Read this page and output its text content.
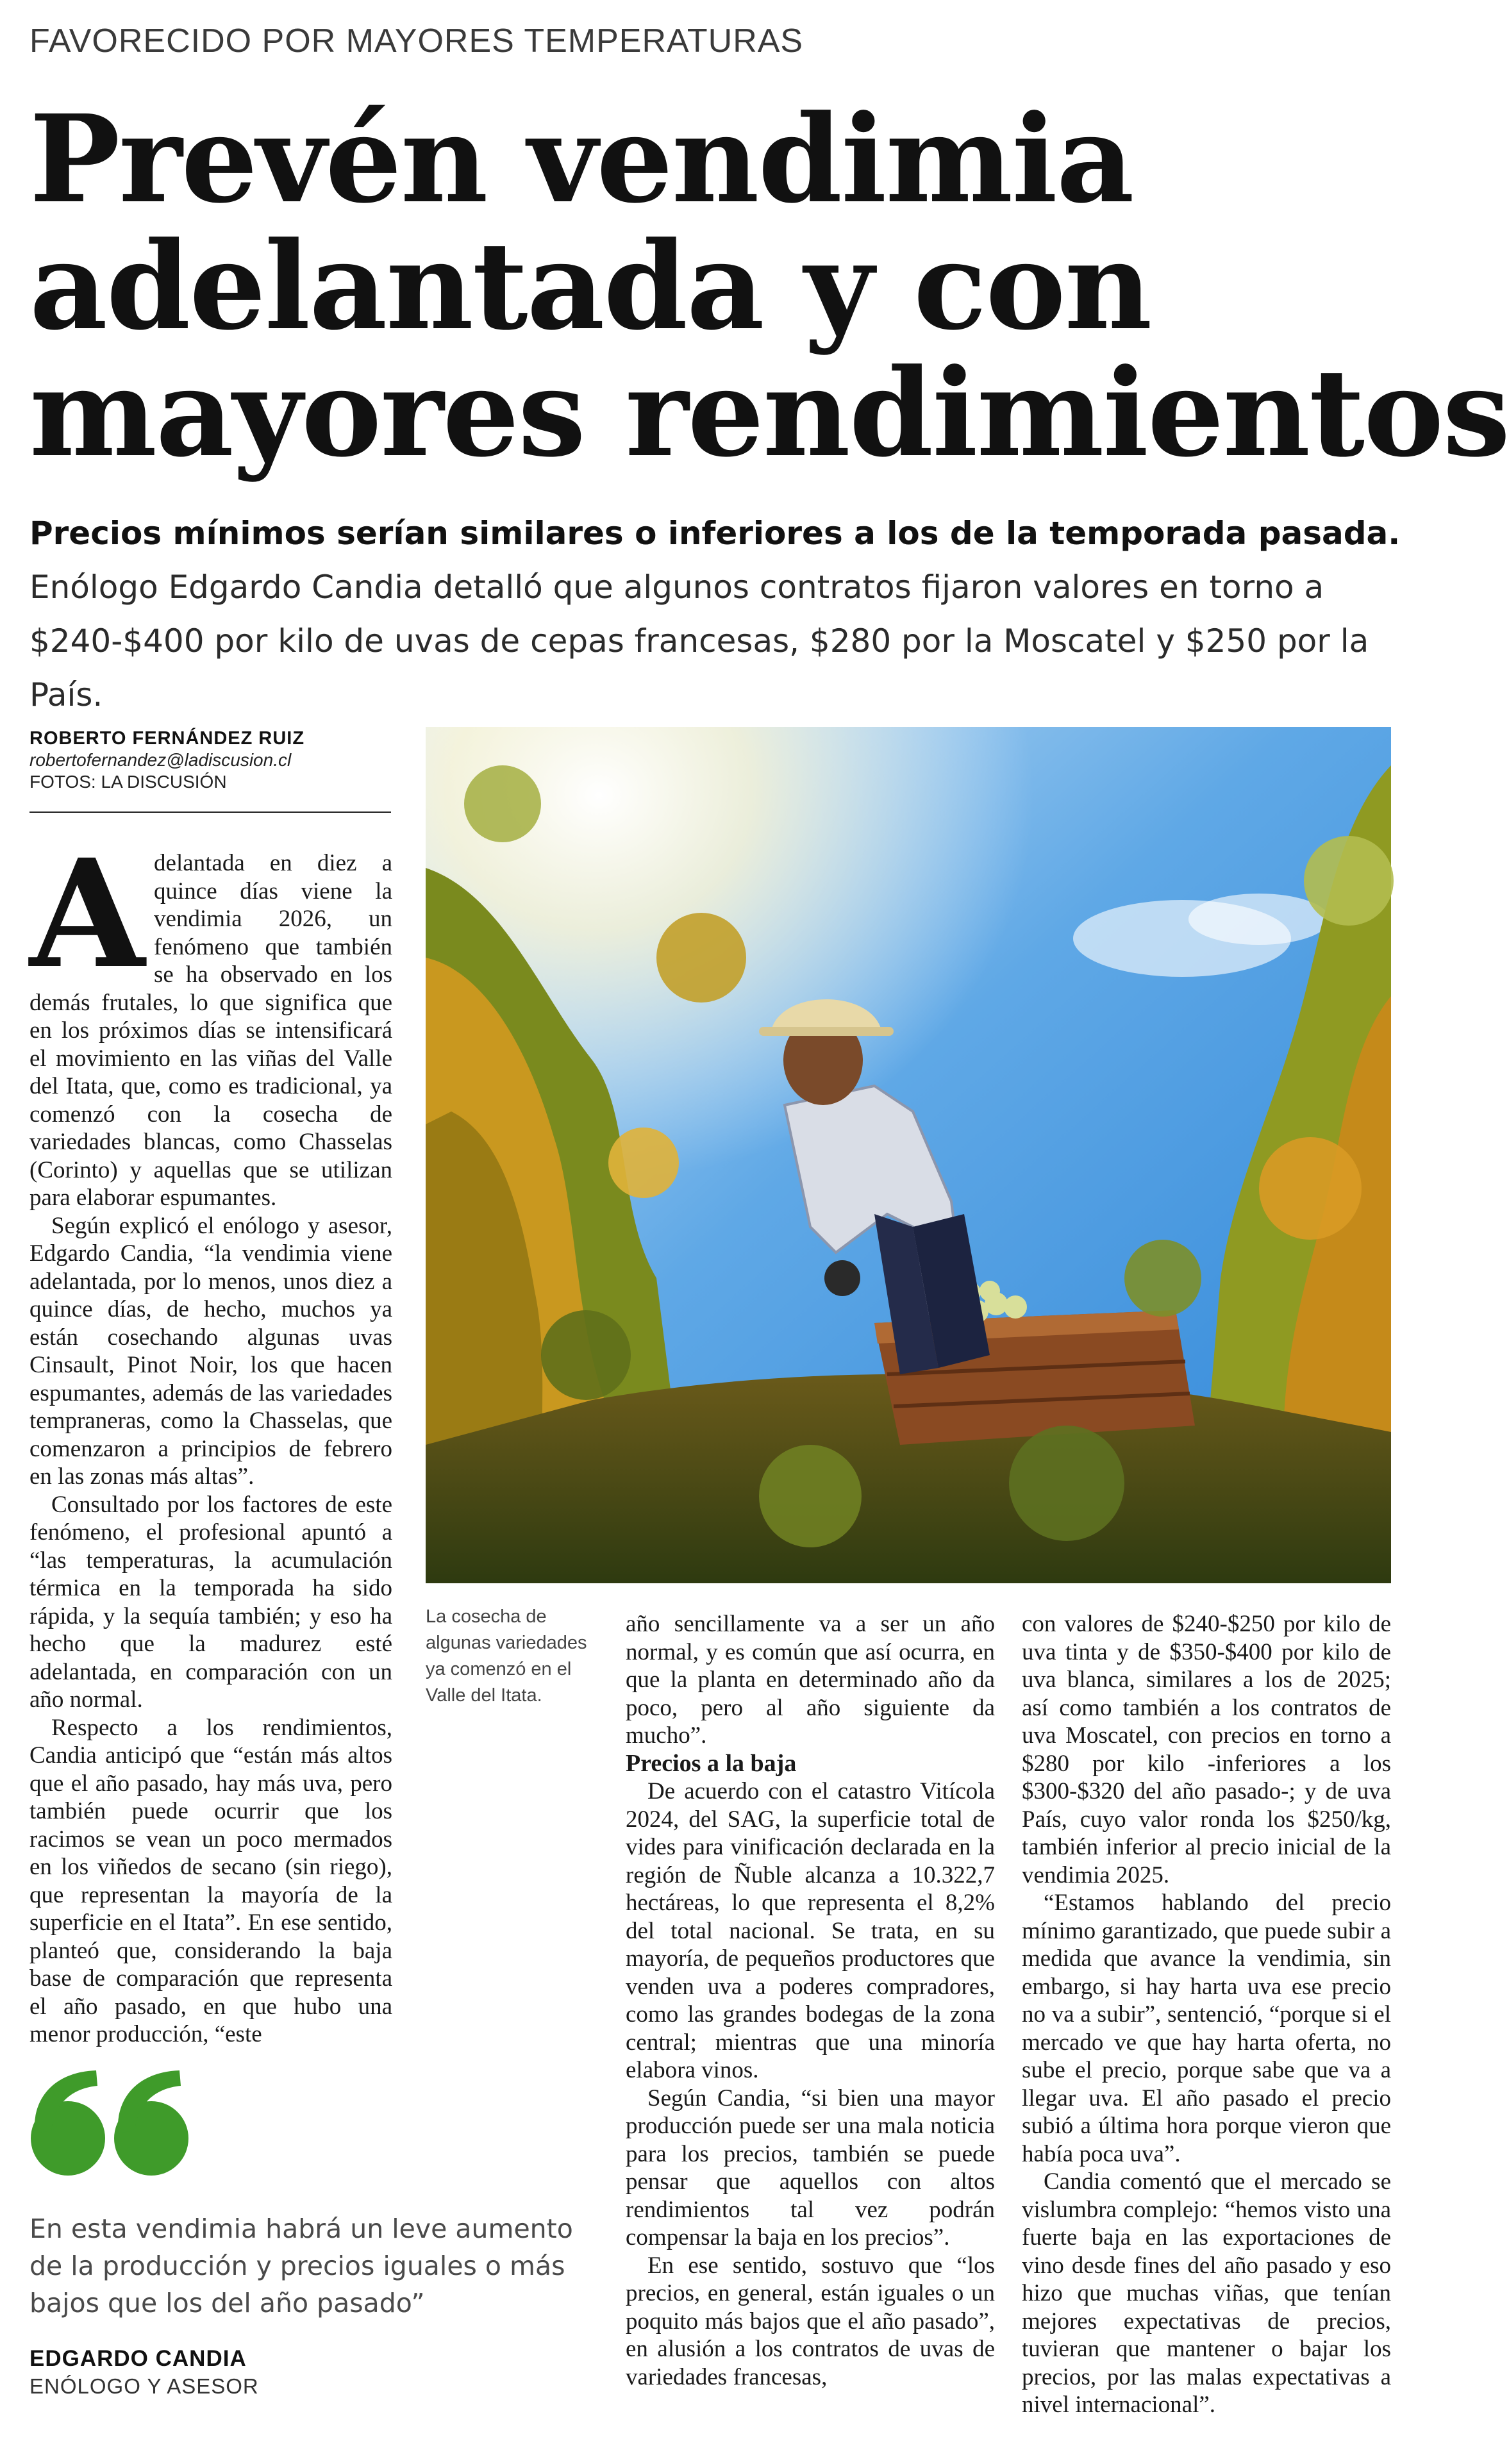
FAVORECIDO POR MAYORES TEMPERATURAS
Prevén vendimia
adelantada y con
mayores rendimientos
Precios mínimos serían similares o inferiores a los de la temporada pasada.
Enólogo Edgardo Candia detalló que algunos contratos fijaron valores en torno a $240-$400 por kilo de uvas de cepas francesas, $280 por la Moscatel y $250 por la País.
ROBERTO FERNÁNDEZ RUIZ
robertofernandez@ladiscusion.cl
FOTOS: LA DISCUSIÓN

Adelantada en diez a quince días viene la vendimia 2026, un fenómeno que también se ha observado en los demás frutales, lo que significa que en los próximos días se intensificará el movimiento en las viñas del Valle del Itata, que, como es tradicional, ya comenzó con la cosecha de variedades blancas, como Chasselas (Corinto) y aquellas que se utilizan para elaborar espumantes.

Según explicó el enólogo y asesor, Edgardo Candia, “la vendimia viene adelantada, por lo menos, unos diez a quince días, de hecho, muchos ya están cosechando algunas uvas Cinsault, Pinot Noir, los que hacen espumantes, además de las variedades tempraneras, como la Chasselas, que comenzaron a principios de febrero en las zonas más altas”.

Consultado por los factores de este fenómeno, el profesional apuntó a “las temperaturas, la acumulación térmica en la temporada ha sido rápida, y la sequía también; y eso ha hecho que la madurez esté adelantada, en comparación con un año normal.

Respecto a los rendimientos, Candia anticipó que “están más altos que el año pasado, hay más uva, pero también puede ocurrir que los racimos se vean un poco mermados en los viñedos de secano (sin riego), que representan la mayoría de la superficie en el Itata”. En ese sentido, planteó que, considerando la baja base de comparación que representa el año pasado, en que hubo una menor producción, “este

La cosecha de algunas variedades ya comenzó en el Valle del Itata.

año sencillamente va a ser un año normal, y es común que así ocurra, en que la planta en determinado año da poco, pero al año siguiente da mucho”.

Precios a la baja

De acuerdo con el catastro Vitícola 2024, del SAG, la superficie total de vides para vinificación declarada en la región de Ñuble alcanza a 10.322,7 hectáreas, lo que representa el 8,2% del total nacional. Se trata, en su mayoría, de pequeños productores que venden uva a poderes compradores, como las grandes bodegas de la zona central; mientras que una minoría elabora vinos.

Según Candia, “si bien una mayor producción puede ser una mala noticia para los precios, también se puede pensar que aquellos con altos rendimientos tal vez podrán compensar la baja en los precios”.

En ese sentido, sostuvo que “los precios, en general, están iguales o un poquito más bajos que el año pasado”, en alusión a los contratos de uvas de variedades francesas,

con valores de $240-$250 por kilo de uva tinta y de $350-$400 por kilo de uva blanca, similares a los de 2025; así como también a los contratos de uva Moscatel, con precios en torno a $280 por kilo -inferiores a los $300-$320 del año pasado-; y de uva País, cuyo valor ronda los $250/kg, también inferior al precio inicial de la vendimia 2025.

“Estamos hablando del precio mínimo garantizado, que puede subir a medida que avance la vendimia, sin embargo, si hay harta uva ese precio no va a subir”, sentenció, “porque si el mercado ve que hay harta oferta, no sube el precio, porque sabe que va a llegar uva. El año pasado el precio subió a última hora porque vieron que había poca uva”.

Candia comentó que el mercado se vislumbra complejo: “hemos visto una fuerte baja en las exportaciones de vino desde fines del año pasado y eso hizo que muchas viñas, que tenían mejores expectativas de precios, tuvieran que mantener o bajar los precios, por las malas expectativas a nivel internacional”.

En esta vendimia habrá un leve aumento de la producción y precios iguales o más bajos que los del año pasado”
EDGARDO CANDIA
ENÓLOGO Y ASESOR
